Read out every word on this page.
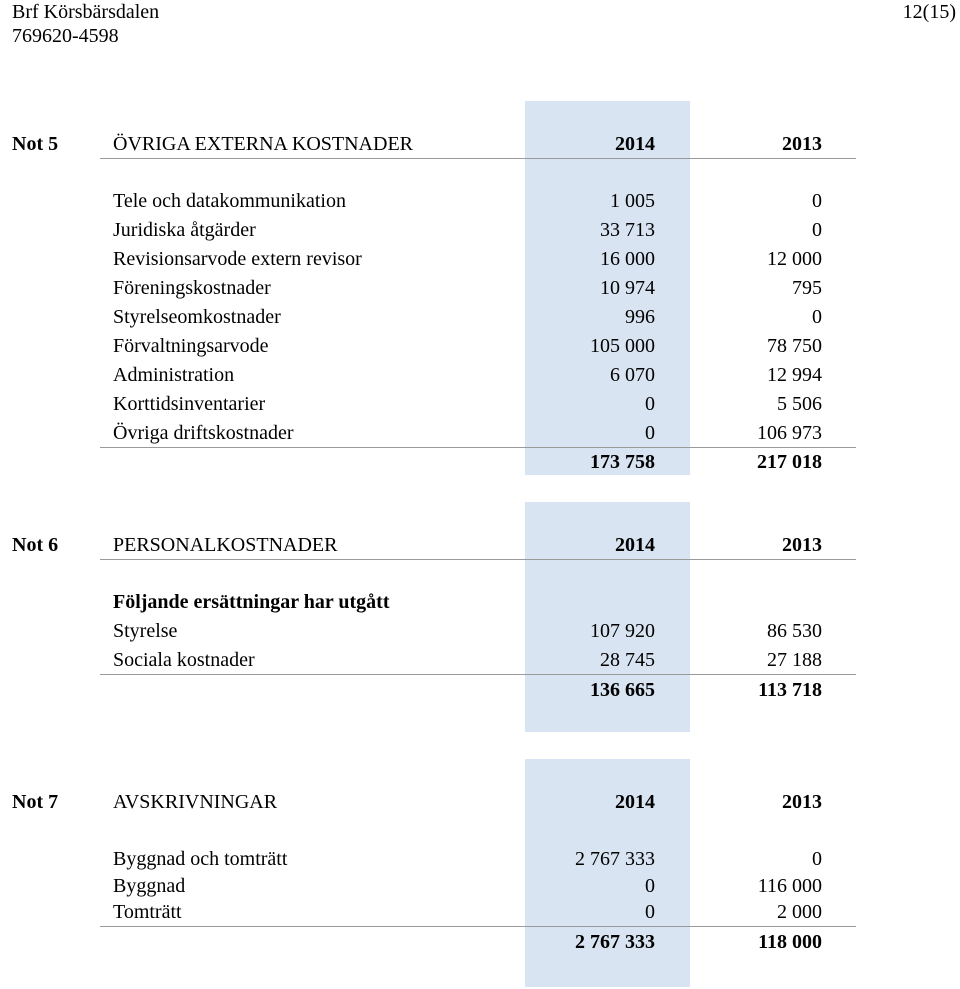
Brf Körsbärsdalen
769620-4598
12(15)
Not 5	ÖVRIGA EXTERNA KOSTNADER	2014	2013
Tele och datakommunikation	1 005	0
Juridiska åtgärder	33 713	0
Revisionsarvode extern revisor	16 000	12 000
Föreningskostnader	10 974	795
Styrelseomkostnader	996	0
Förvaltningsarvode	105 000	78 750
Administration	6 070	12 994
Korttidsinventarier	0	5 506
Övriga driftskostnader	0	106 973
173 758	217 018
Not 6	PERSONALKOSTNADER	2014	2013
Följande ersättningar har utgått
Styrelse	107 920	86 530
Sociala kostnader	28 745	27 188
136 665	113 718
Not 7	AVSKRIVNINGAR	2014	2013
Byggnad och tomträtt	2 767 333	0
Byggnad	0	116 000
Tomträtt	0	2 000
2 767 333	118 000
